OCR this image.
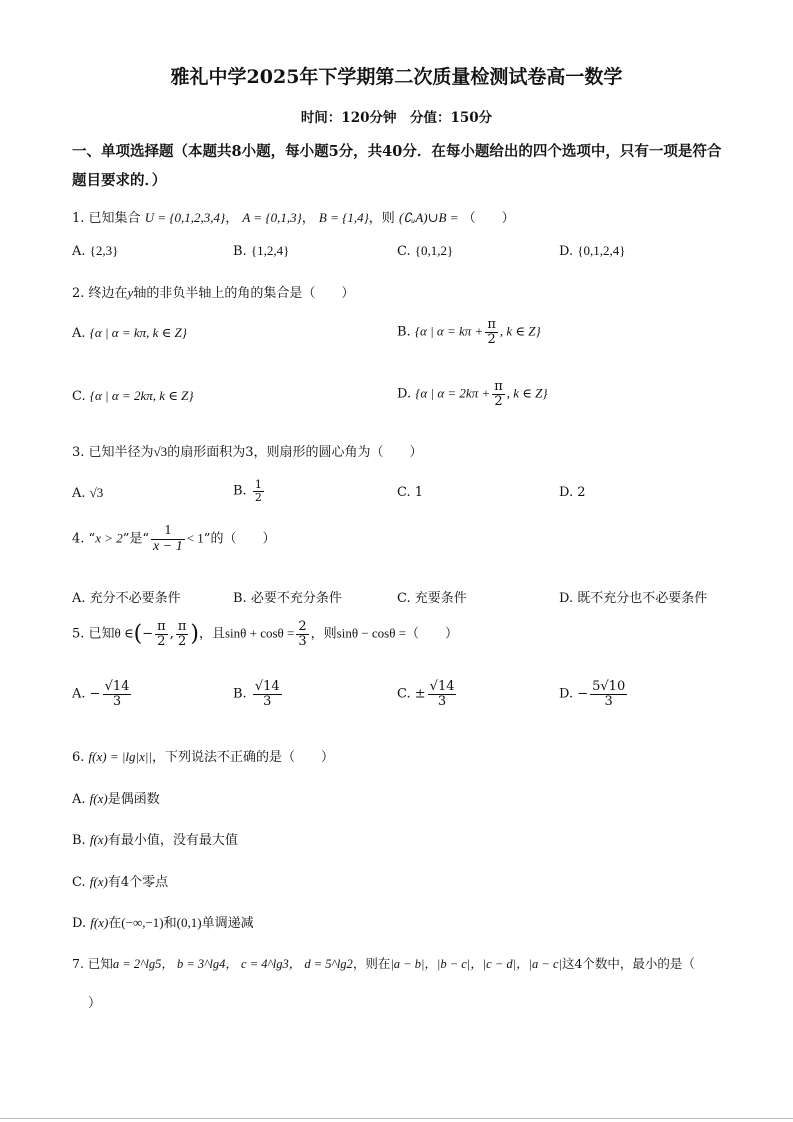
雅礼中学2025年下学期第二次质量检测试卷高一数学
时间：120分钟　分值：150分
一、单项选择题（本题共8小题，每小题5分，共40分．在每小题给出的四个选项中，只有一项是符合题目要求的．）
1. 已知集合 U = {0,1,2,3,4}， A = {0,1,3}， B = {1,4}，则 (∁ᵤA)∪B = （　　）
A. {2,3}	B. {1,2,4}	C. {0,1,2}	D. {0,1,2,4}
2. 终边在y轴的非负半轴上的角的集合是（　　）
A. {α | α = kπ, k ∈ Z}	B. {α | $\alpha = k\pi + \frac{\pi}{2}$ , k ∈ Z}
C. {α | α = 2kπ, k ∈ Z}	D. {α | $\alpha = 2k\pi + \frac{\pi}{2}$ , k ∈ Z}
3. 已知半径为√3的扇形面积为3，则扇形的圆心角为（　　）
A. √3	B. $\frac{1}{2}$	C. 1	D. 2
4. “x > 2”是“ $\frac{1}{x - 1} < 1$”的（　　）
A. 充分不必要条件	B. 必要不充分条件	C. 充要条件	D. 既不充分也不必要条件
5. 已知θ ∈(− $\frac{\pi}{2}$ , $\frac{\pi}{2}$ )，且$\sin\theta + \cos\theta = \frac{2}{3}$ ，则sinθ − cosθ =（　　）
A. − $\frac{√14}{3}$	B. $\frac{√14}{3}$	C. ± $\frac{√14}{3}$	D. − $\frac{5√10}{3}$
6. f(x) = |lg|x||，下列说法不正确的是（　　）
A. f(x)是偶函数
B. f(x)有最小值，没有最大值
C. f(x)有4个零点
D. f(x)在(−∞,−1)和(0,1)单调递减
7. 已知a = 2^lg5， b = 3^lg4， c = 4^lg3， d = 5^lg2，则在|a − b|，|b − c|，|c − d|，|a − c|这4个数中，最小的是（
）
